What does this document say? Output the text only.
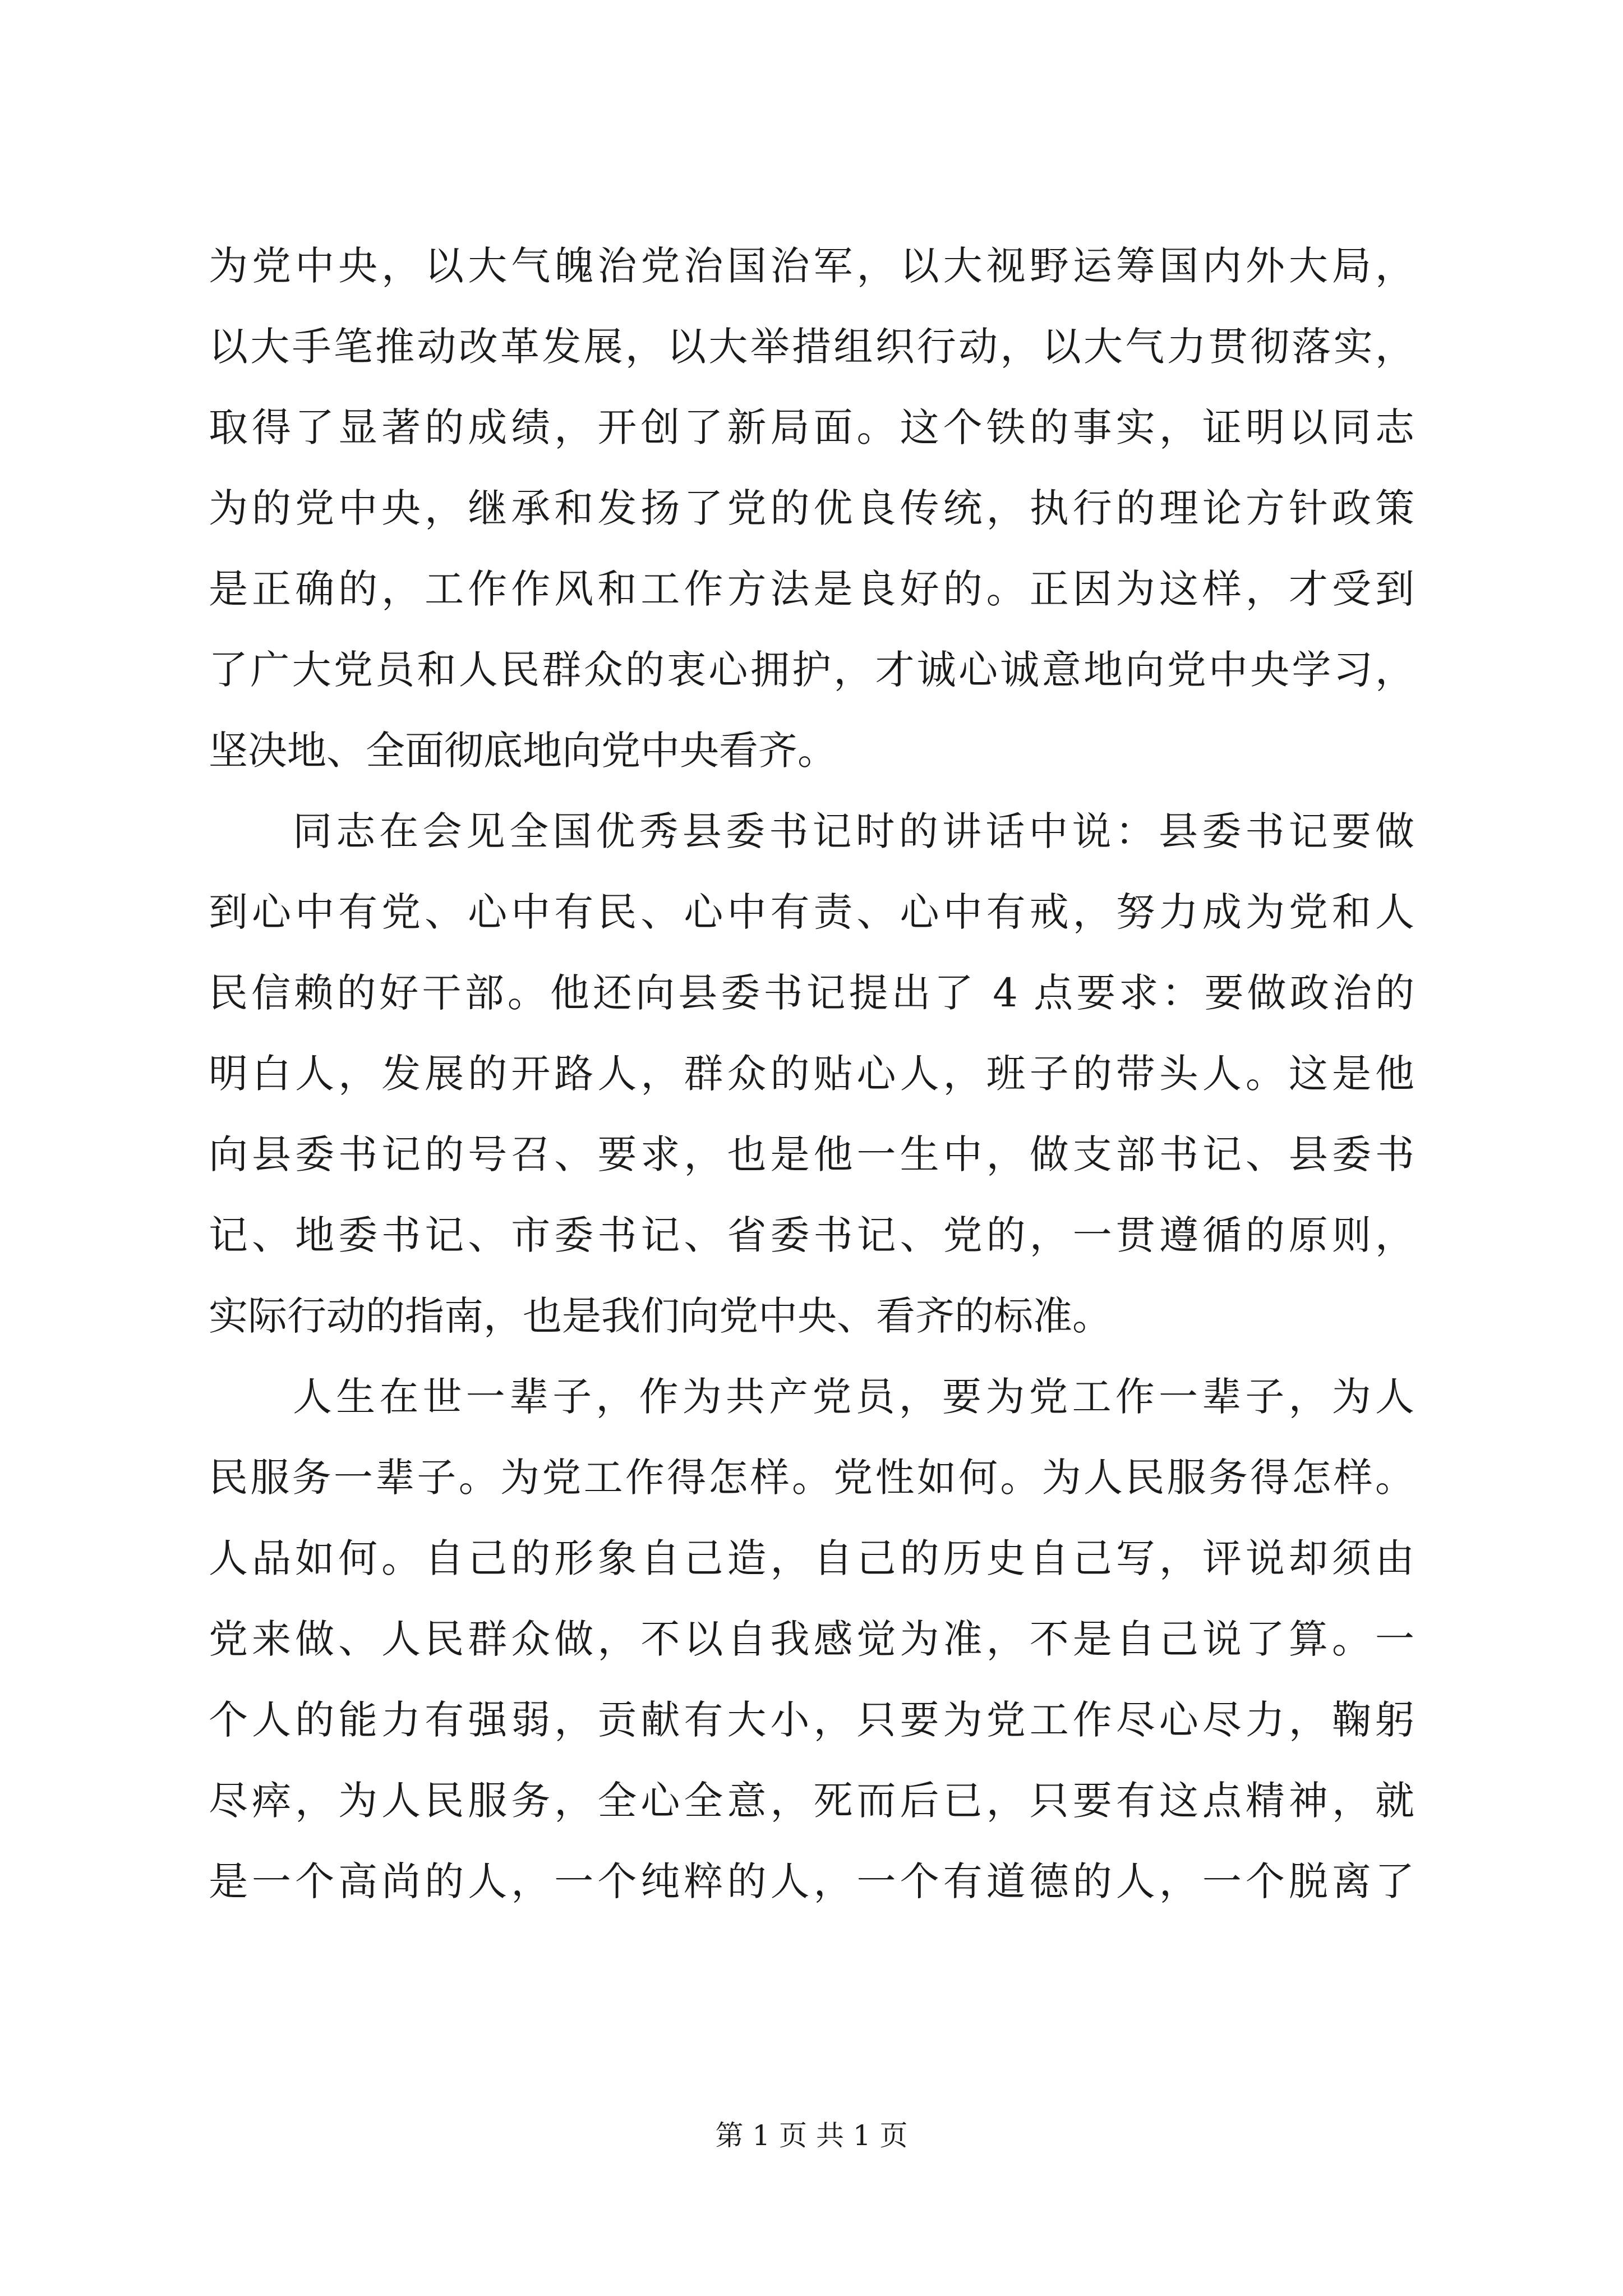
为党中央，以大气魄治党治国治军，以大视野运筹国内外大局，
以大手笔推动改革发展，以大举措组织行动，以大气力贯彻落实，
取得了显著的成绩，开创了新局面。这个铁的事实，证明以同志
为的党中央，继承和发扬了党的优良传统，执行的理论方针政策
是正确的，工作作风和工作方法是良好的。正因为这样，才受到
了广大党员和人民群众的衷心拥护，才诚心诚意地向党中央学习，
坚决地、全面彻底地向党中央看齐。
同志在会见全国优秀县委书记时的讲话中说：县委书记要做
到心中有党、心中有民、心中有责、心中有戒，努力成为党和人
民信赖的好干部。他还向县委书记提出了 4 点要求：要做政治的
明白人，发展的开路人，群众的贴心人，班子的带头人。这是他
向县委书记的号召、要求，也是他一生中，做支部书记、县委书
记、地委书记、市委书记、省委书记、党的，一贯遵循的原则，
实际行动的指南，也是我们向党中央、看齐的标准。
人生在世一辈子，作为共产党员，要为党工作一辈子，为人
民服务一辈子。为党工作得怎样。党性如何。为人民服务得怎样。
人品如何。自己的形象自己造，自己的历史自己写，评说却须由
党来做、人民群众做，不以自我感觉为准，不是自己说了算。一
个人的能力有强弱，贡献有大小，只要为党工作尽心尽力，鞠躬
尽瘁，为人民服务，全心全意，死而后已，只要有这点精神，就
是一个高尚的人，一个纯粹的人，一个有道德的人，一个脱离了
第 1 页 共 1 页
